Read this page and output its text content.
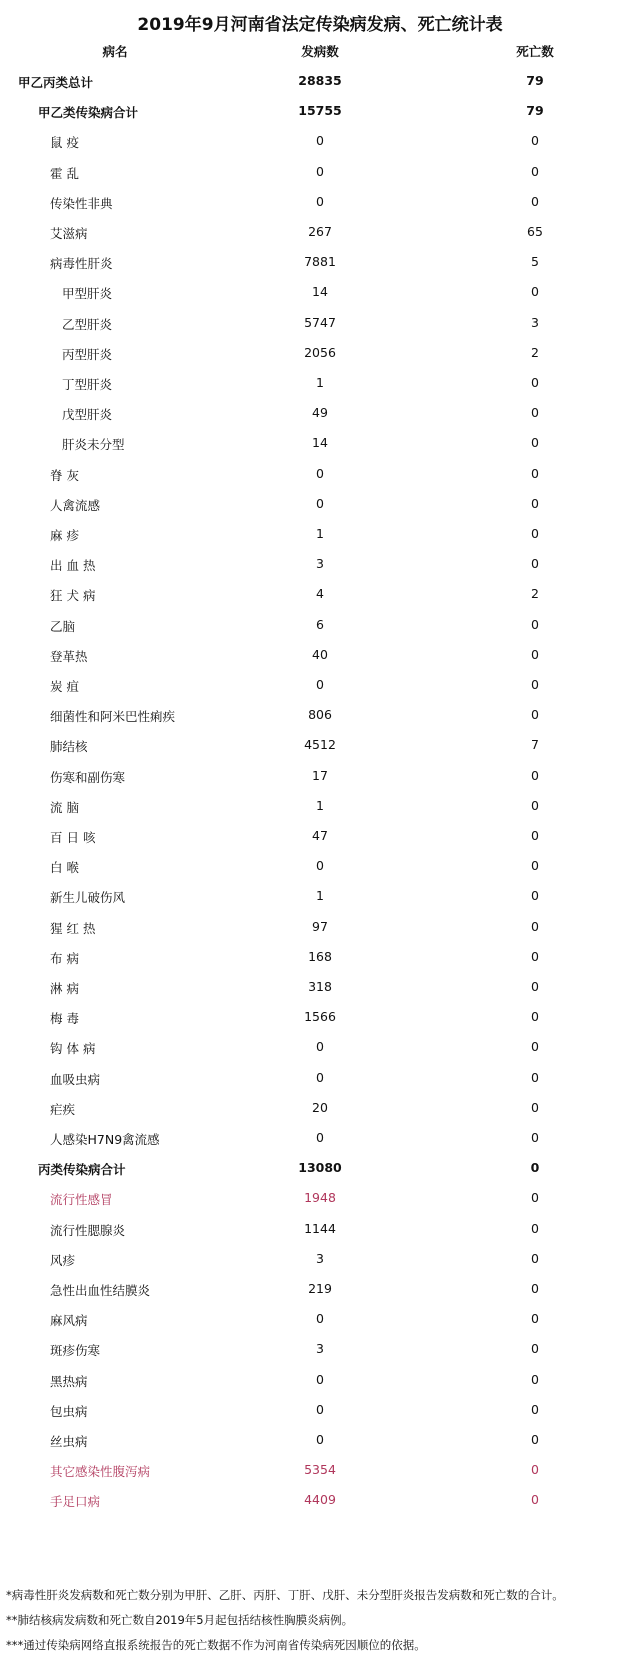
2019年9月河南省法定传染病发病、死亡统计表
病名	发病数	死亡数
甲乙丙类总计	28835	79
甲乙类传染病合计	15755	79
鼠 疫	0	0
霍 乱	0	0
传染性非典	0	0
艾滋病	267	65
病毒性肝炎	7881	5
甲型肝炎	14	0
乙型肝炎	5747	3
丙型肝炎	2056	2
丁型肝炎	1	0
戊型肝炎	49	0
肝炎未分型	14	0
脊 灰	0	0
人禽流感	0	0
麻 疹	1	0
出 血 热	3	0
狂 犬 病	4	2
乙脑	6	0
登革热	40	0
炭 疽	0	0
细菌性和阿米巴性痢疾	806	0
肺结核	4512	7
伤寒和副伤寒	17	0
流 脑	1	0
百 日 咳	47	0
白 喉	0	0
新生儿破伤风	1	0
猩 红 热	97	0
布 病	168	0
淋 病	318	0
梅 毒	1566	0
钩 体 病	0	0
血吸虫病	0	0
疟疾	20	0
人感染H7N9禽流感	0	0
丙类传染病合计	13080	0
流行性感冒	1948	0
流行性腮腺炎	1144	0
风疹	3	0
急性出血性结膜炎	219	0
麻风病	0	0
斑疹伤寒	3	0
黑热病	0	0
包虫病	0	0
丝虫病	0	0
其它感染性腹泻病	5354	0
手足口病	4409	0
*病毒性肝炎发病数和死亡数分别为甲肝、乙肝、丙肝、丁肝、戊肝、未分型肝炎报告发病数和死亡数的合计。
**肺结核病发病数和死亡数自2019年5月起包括结核性胸膜炎病例。
***通过传染病网络直报系统报告的死亡数据不作为河南省传染病死因顺位的依据。
